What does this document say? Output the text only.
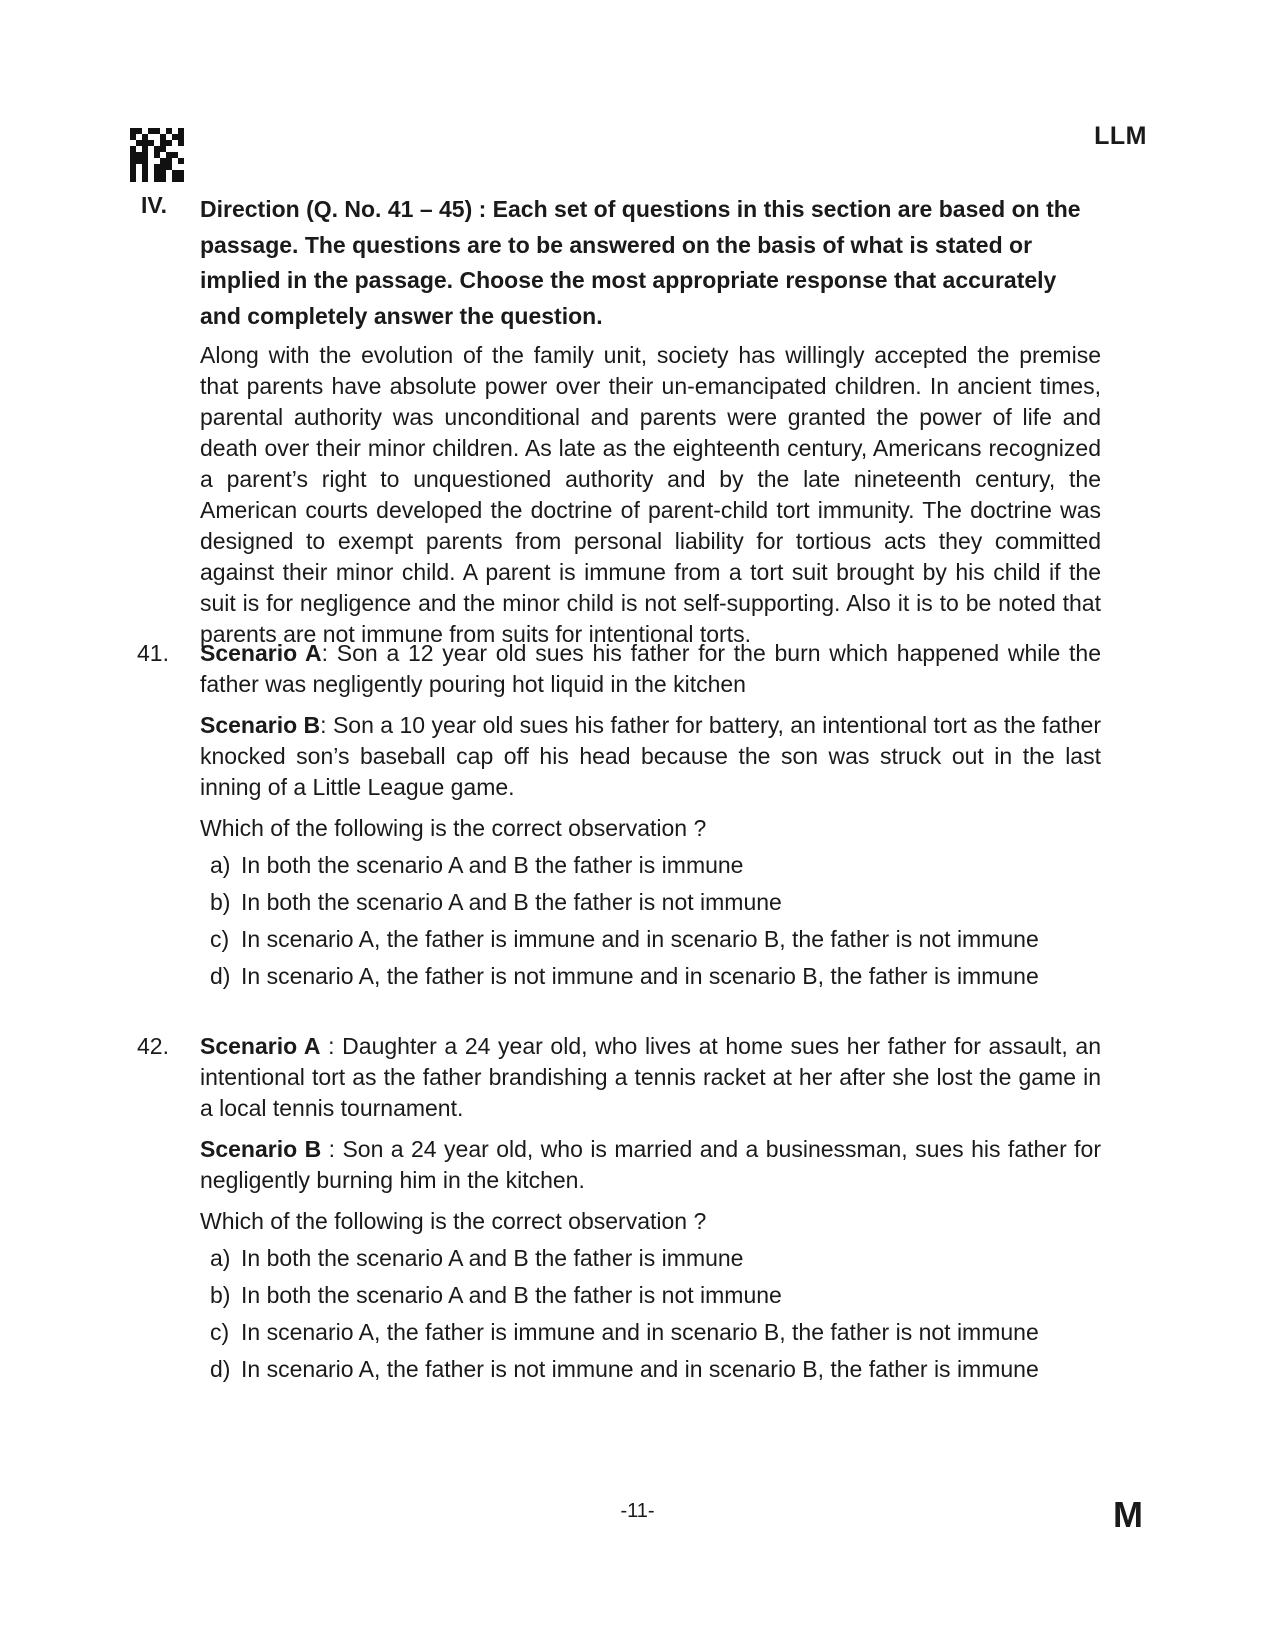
LLM
IV. Direction (Q. No. 41 – 45) : Each set of questions in this section are based on the passage. The questions are to be answered on the basis of what is stated or implied in the passage. Choose the most appropriate response that accurately and completely answer the question.
Along with the evolution of the family unit, society has willingly accepted the premise that parents have absolute power over their un-emancipated children. In ancient times, parental authority was unconditional and parents were granted the power of life and death over their minor children. As late as the eighteenth century, Americans recognized a parent’s right to unquestioned authority and by the late nineteenth century, the American courts developed the doctrine of parent-child tort immunity. The doctrine was designed to exempt parents from personal liability for tortious acts they committed against their minor child. A parent is immune from a tort suit brought by his child if the suit is for negligence and the minor child is not self-supporting. Also it is to be noted that parents are not immune from suits for intentional torts.
41. Scenario A: Son a 12 year old sues his father for the burn which happened while the father was negligently pouring hot liquid in the kitchen
Scenario B: Son a 10 year old sues his father for battery, an intentional tort as the father knocked son’s baseball cap off his head because the son was struck out in the last inning of a Little League game.
Which of the following is the correct observation ?
a) In both the scenario A and B the father is immune
b) In both the scenario A and B the father is not immune
c) In scenario A, the father is immune and in scenario B, the father is not immune
d) In scenario A, the father is not immune and in scenario B, the father is immune
42. Scenario A : Daughter a 24 year old, who lives at home sues her father for assault, an intentional tort as the father brandishing a tennis racket at her after she lost the game in a local tennis tournament.
Scenario B : Son a 24 year old, who is married and a businessman, sues his father for negligently burning him in the kitchen.
Which of the following is the correct observation ?
a) In both the scenario A and B the father is immune
b) In both the scenario A and B the father is not immune
c) In scenario A, the father is immune and in scenario B, the father is not immune
d) In scenario A, the father is not immune and in scenario B, the father is immune
-11-	M
